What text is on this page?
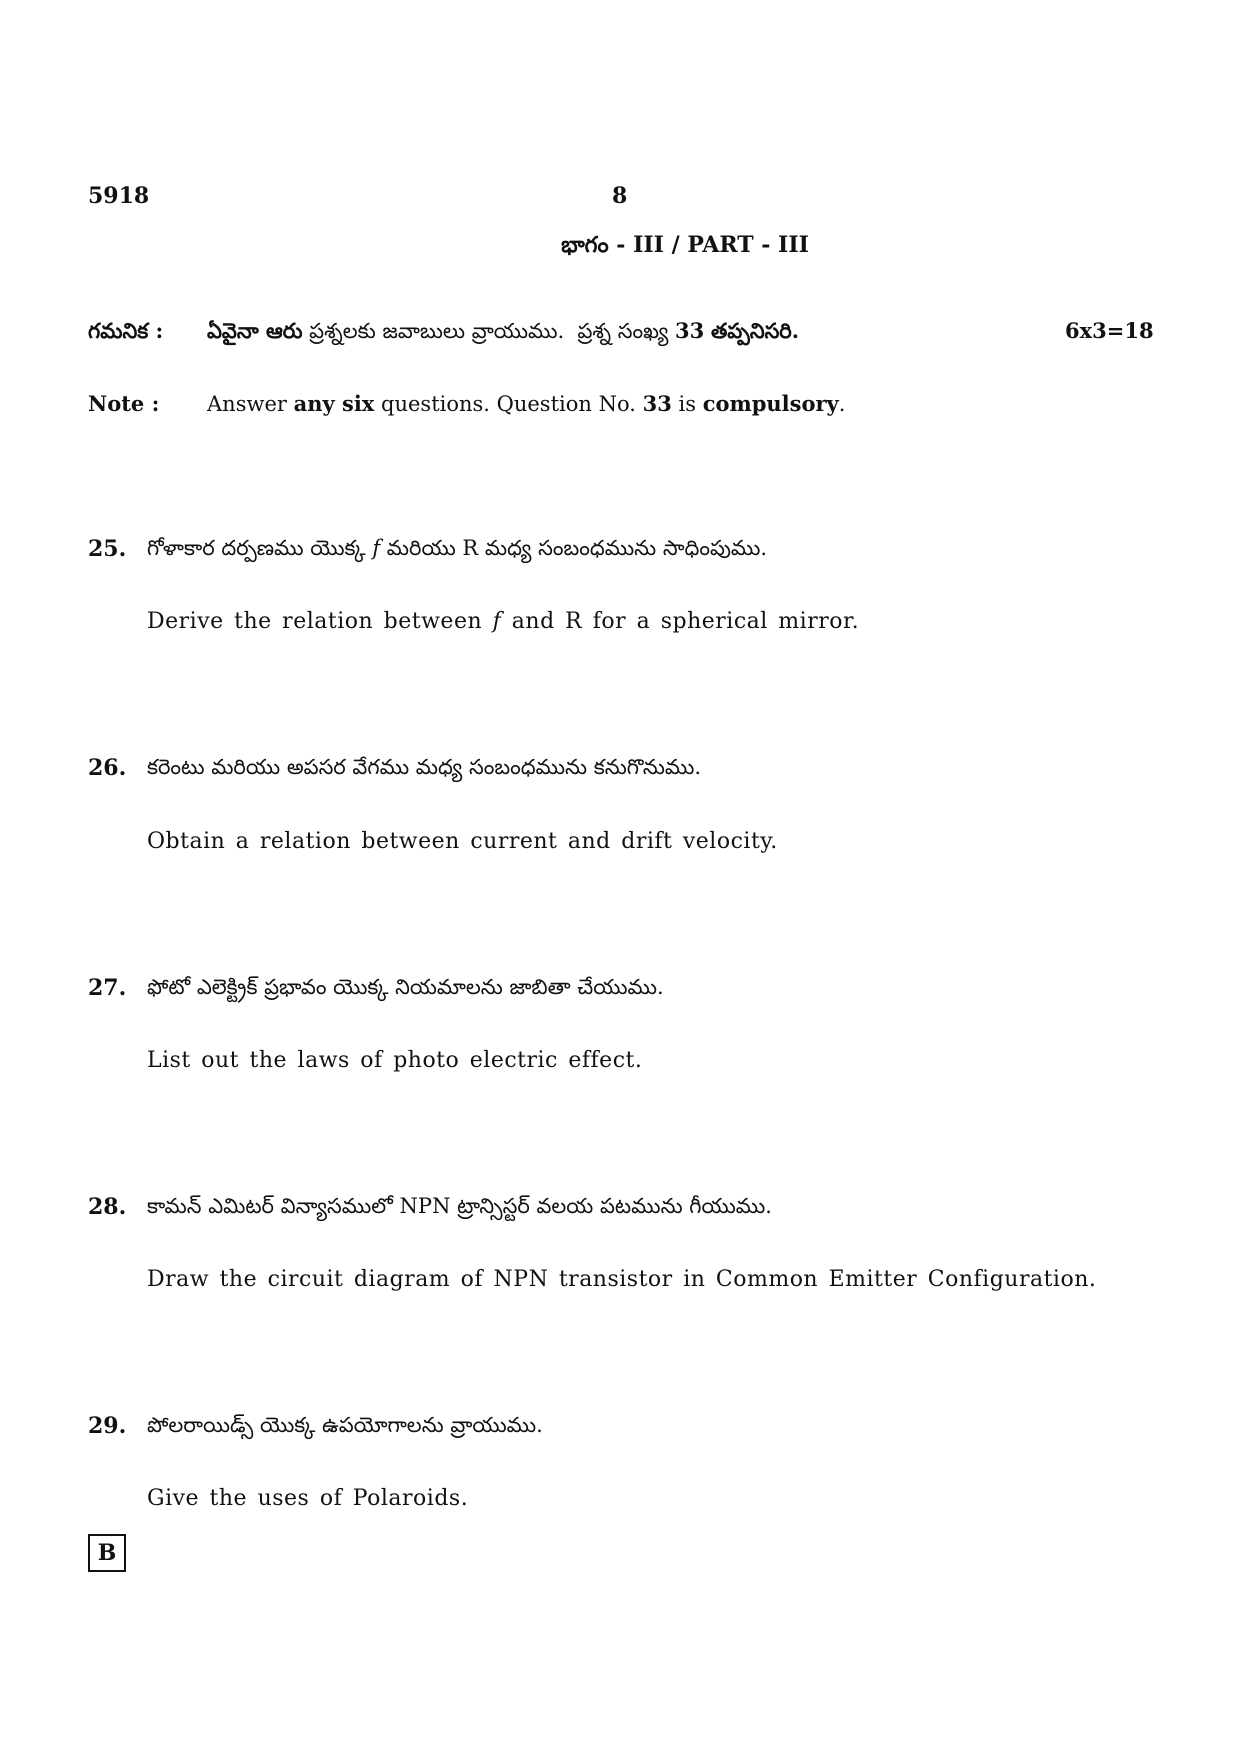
5918	8
భాగం - III / PART - III
గమనిక : ఏవైనా ఆరు ప్రశ్నలకు జవాబులు వ్రాయుము. ప్రశ్న సంఖ్య 33 తప్పనిసరి.	6x3=18
Note : Answer any six questions. Question No. 33 is compulsory.
25. గోళాకార దర్పణము యొక్క f మరియు R మధ్య సంబంధమును సాధింపుము.
Derive the relation between f and R for a spherical mirror.
26. కరెంటు మరియు అపసర వేగము మధ్య సంబంధమును కనుగొనుము.
Obtain a relation between current and drift velocity.
27. ఫోటో ఎలెక్ట్రిక్ ప్రభావం యొక్క నియమాలను జాబితా చేయుము.
List out the laws of photo electric effect.
28. కామన్ ఎమిటర్ విన్యాసములో NPN ట్రాన్సిస్టర్ వలయ పటమును గీయుము.
Draw the circuit diagram of NPN transistor in Common Emitter Configuration.
29. పోలరాయిడ్స్ యొక్క ఉపయోగాలను వ్రాయుము.
Give the uses of Polaroids.
B
